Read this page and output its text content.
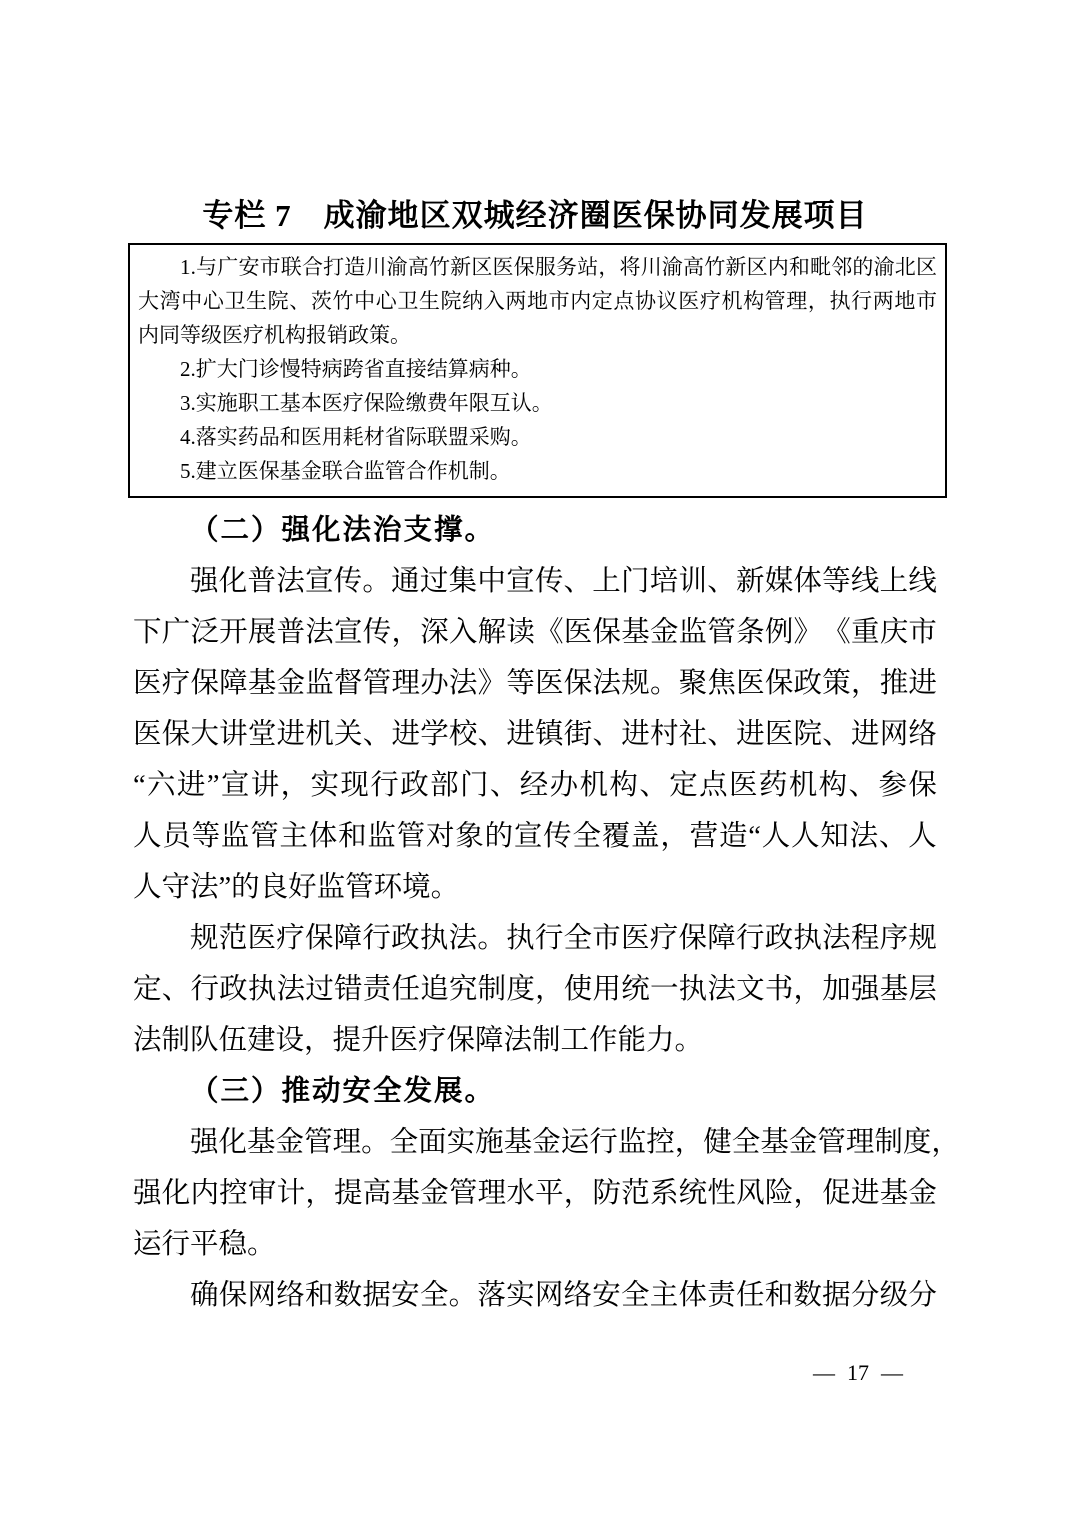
专栏 7　成渝地区双城经济圈医保协同发展项目
1 . 与 广 安 市 联 合 打 造 川 渝 高 竹 新 区 医 保 服 务 站 ， 将 川 渝 高 竹 新 区 内 和 毗 邻 的 渝 北 区
大 湾 中 心 卫 生 院 、 茨 竹 中 心 卫 生 院 纳 入 两 地 市 内 定 点 协 议 医 疗 机 构 管 理 ， 执 行 两 地 市
内同等级医疗机构报销政策。
2.扩大门诊慢特病跨省直接结算病种。
3.实施职工基本医疗保险缴费年限互认。
4.落实药品和医用耗材省际联盟采购。
5.建立医保基金联合监管合作机制。
（二）强化法治支撑。
强 化 普 法 宣 传 。 通 过 集 中 宣 传 、 上 门 培 训 、 新 媒 体 等 线 上 线
下 广 泛 开 展 普 法 宣 传 ， 深 入 解 读 《 医 保 基 金 监 管 条 例 》 《 重 庆 市
医 疗 保 障 基 金 监 督 管 理 办 法 》 等 医 保 法 规 。 聚 焦 医 保 政 策 ， 推 进
医 保 大 讲 堂 进 机 关 、 进 学 校 、 进 镇 街 、 进 村 社 、 进 医 院 、 进 网 络
“ 六 进 ” 宣 讲 ， 实 现 行 政 部 门 、 经 办 机 构 、 定 点 医 药 机 构 、 参 保
人 员 等 监 管 主 体 和 监 管 对 象 的 宣 传 全 覆 盖 ， 营 造 “ 人 人 知 法 、 人
人守法”的良好监管环境。
规 范 医 疗 保 障 行 政 执 法 。 执 行 全 市 医 疗 保 障 行 政 执 法 程 序 规
定 、 行 政 执 法 过 错 责 任 追 究 制 度 ， 使 用 统 一 执 法 文 书 ， 加 强 基 层
法制队伍建设，提升医疗保障法制工作能力。
（三）推动安全发展。
强 化 基 金 管 理 。 全 面 实 施 基 金 运 行 监 控 ， 健 全 基 金 管 理 制 度 ，
强 化 内 控 审 计 ， 提 高 基 金 管 理 水 平 ， 防 范 系 统 性 风 险 ， 促 进 基 金
运行平稳。
确 保 网 络 和 数 据 安 全 。 落 实 网 络 安 全 主 体 责 任 和 数 据 分 级 分
— 17 —
